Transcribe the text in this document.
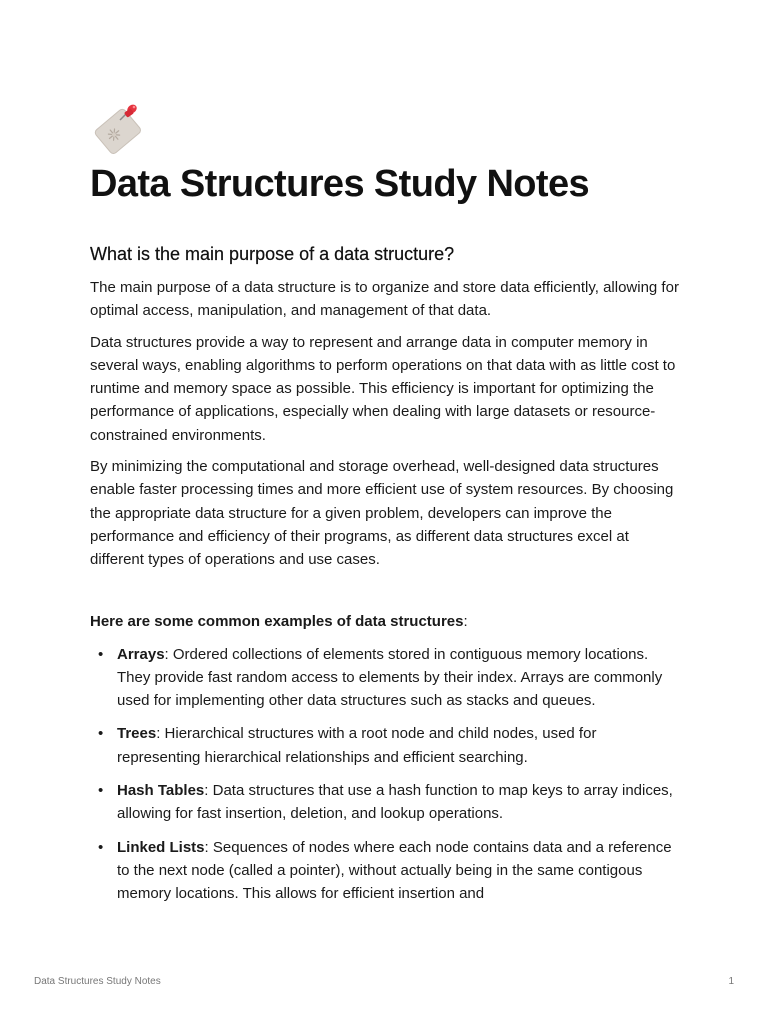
Data Structures Study Notes
What is the main purpose of a data structure?

The main purpose of a data structure is to organize and store data efficiently, allowing for optimal access, manipulation, and management of that data.

Data structures provide a way to represent and arrange data in computer memory in several ways, enabling algorithms to perform operations on that data with as little cost to runtime and memory space as possible. This efficiency is important for optimizing the performance of applications, especially when dealing with large datasets or resource-constrained environments.

By minimizing the computational and storage overhead, well-designed data structures enable faster processing times and more efficient use of system resources. By choosing the appropriate data structure for a given problem, developers can improve the performance and efficiency of their programs, as different data structures excel at different types of operations and use cases.

Here are some common examples of data structures:

• Arrays: Ordered collections of elements stored in contiguous memory locations. They provide fast random access to elements by their index. Arrays are commonly used for implementing other data structures such as stacks and queues.
• Trees: Hierarchical structures with a root node and child nodes, used for representing hierarchical relationships and efficient searching.
• Hash Tables: Data structures that use a hash function to map keys to array indices, allowing for fast insertion, deletion, and lookup operations.
• Linked Lists: Sequences of nodes where each node contains data and a reference to the next node (called a pointer), without actually being in the same contigous memory locations. This allows for efficient insertion and
Data Structures Study Notes	1
